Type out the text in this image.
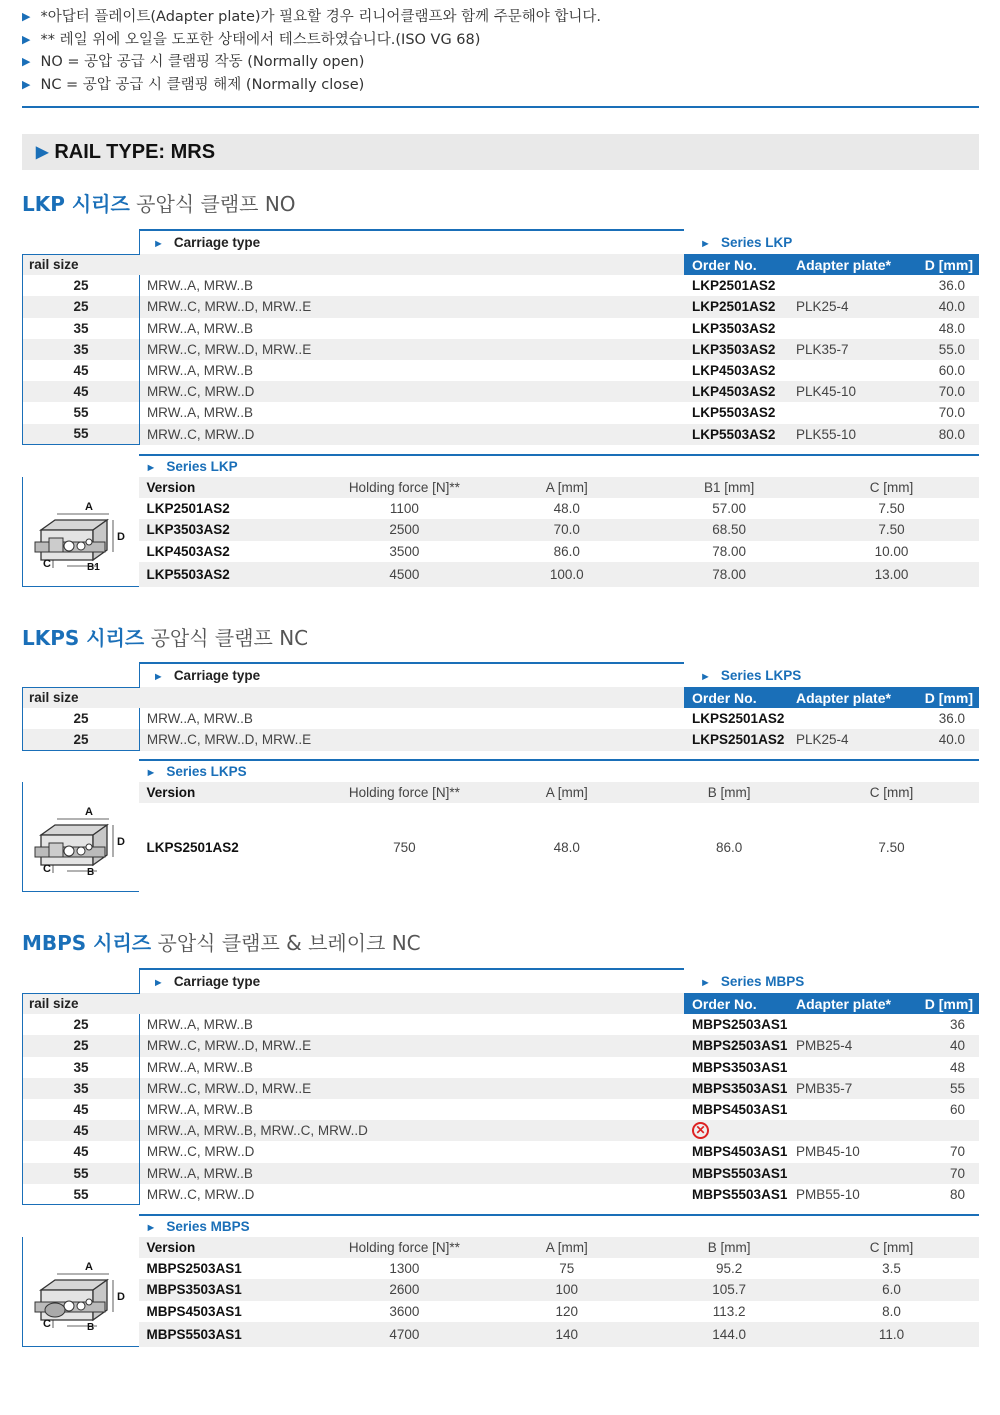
▶ *아답터 플레이트(Adapter plate)가 필요할 경우 리니어클램프와 함께 주문해야 합니다.
▶ ** 레일 위에 오일을 도포한 상태에서 테스트하였습니다.(ISO VG 68)
▶ NO = 공압 공급 시 클램핑 작동 (Normally open)
▶ NC = 공압 공급 시 클램핑 해제 (Normally close)
▶ RAIL TYPE: MRS
LKP 시리즈 공압식 클램프 NO
	► Carriage type	► Series LKP		
rail size		Order No.	Adapter plate*	D [mm]
25	MRW..A, MRW..B	LKP2501AS2		36.0
25	MRW..C, MRW..D, MRW..E	LKP2501AS2	PLK25-4	40.0
35	MRW..A, MRW..B	LKP3503AS2		48.0
35	MRW..C, MRW..D, MRW..E	LKP3503AS2	PLK35-7	55.0
45	MRW..A, MRW..B	LKP4503AS2		60.0
45	MRW..C, MRW..D	LKP4503AS2	PLK45-10	70.0
55	MRW..A, MRW..B	LKP5503AS2		70.0
55	MRW..C, MRW..D	LKP5503AS2	PLK55-10	80.0
	► Series LKP				

A
D
C B1	Version	Holding force [N]**	A [mm]	B1 [mm]	C [mm]
	LKP2501AS2	1100	48.0	57.00	7.50
	LKP3503AS2	2500	70.0	68.50	7.50
	LKP4503AS2	3500	86.0	78.00	10.00
	LKP5503AS2	4500	100.0	78.00	13.00
LKPS 시리즈 공압식 클램프 NC
	► Carriage type	► Series LKPS		
rail size		Order No.	Adapter plate*	D [mm]
25	MRW..A, MRW..B	LKPS2501AS2		36.0
25	MRW..C, MRW..D, MRW..E	LKPS2501AS2	PLK25-4	40.0
	► Series LKPS				

A
D
C B	Version	Holding force [N]**	A [mm]	B [mm]	C [mm]
	LKPS2501AS2	750	48.0	86.0	7.50
MBPS 시리즈 공압식 클램프 & 브레이크 NC
	► Carriage type	► Series MBPS		
rail size		Order No.	Adapter plate*	D [mm]
25	MRW..A, MRW..B	MBPS2503AS1		36
25	MRW..C, MRW..D, MRW..E	MBPS2503AS1	PMB25-4	40
35	MRW..A, MRW..B	MBPS3503AS1		48
35	MRW..C, MRW..D, MRW..E	MBPS3503AS1	PMB35-7	55
45	MRW..A, MRW..B	MBPS4503AS1		60
45	MRW..A, MRW..B, MRW..C, MRW..D	✕		
45	MRW..C, MRW..D	MBPS4503AS1	PMB45-10	70
55	MRW..A, MRW..B	MBPS5503AS1		70
55	MRW..C, MRW..D	MBPS5503AS1	PMB55-10	80
	► Series MBPS				

A
D
C B	Version	Holding force [N]**	A [mm]	B [mm]	C [mm]
	MBPS2503AS1	1300	75	95.2	3.5
	MBPS3503AS1	2600	100	105.7	6.0
	MBPS4503AS1	3600	120	113.2	8.0
	MBPS5503AS1	4700	140	144.0	11.0
